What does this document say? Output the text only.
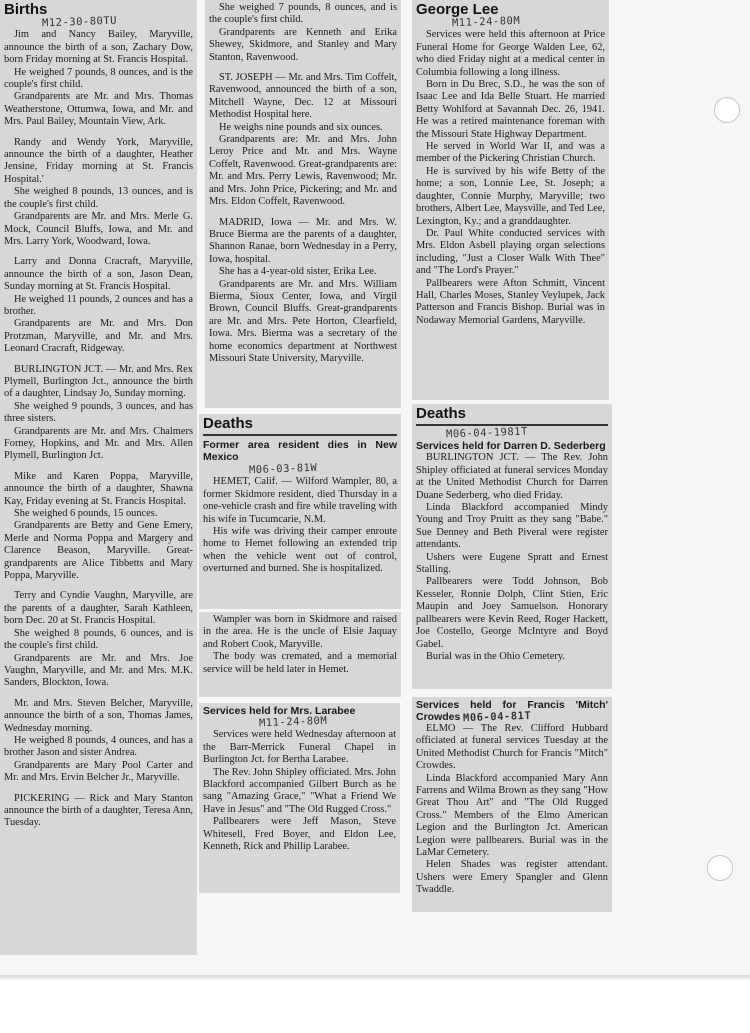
Births
M12-30-80TU

Jim and Nancy Bailey, Maryville, announce the birth of a son, Zachary Dow, born Friday morning at St. Francis Hospital.

He weighed 7 pounds, 8 ounces, and is the couple's first child.

Grandparents are Mr. and Mrs. Thomas Weatherstone, Ottumwa, Iowa, and Mr. and Mrs. Paul Bailey, Mountain View, Ark.

Randy and Wendy York, Maryville, announce the birth of a daughter, Heather Jensine, Friday morning at St. Francis Hospital.'

She weighed 8 pounds, 13 ounces, and is the couple's first child.

Grandparents are Mr. and Mrs. Merle G. Mock, Council Bluffs, Iowa, and Mr. and Mrs. Larry York, Woodward, Iowa.

Larry and Donna Cracraft, Maryville, announce the birth of a son, Jason Dean, Sunday morning at St. Francis Hospital.

He weighed 11 pounds, 2 ounces and has a brother.

Grandparents are Mr. and Mrs. Don Protzman, Maryville, and Mr. and Mrs. Leonard Cracraft, Ridgeway.

BURLINGTON JCT. — Mr. and Mrs. Rex Plymell, Burlington Jct., announce the birth of a daughter, Lindsay Jo, Sunday morning.

She weighed 9 pounds, 3 ounces, and has three sisters.

Grandparents are Mr. and Mrs. Chalmers Forney, Hopkins, and Mr. and Mrs. Allen Plymell, Burlington Jct.

Mike and Karen Poppa, Maryville, announce the birth of a daughter, Shawna Kay, Friday evening at St. Francis Hospital.

She weighed 6 pounds, 15 ounces.

Grandparents are Betty and Gene Emery, Merle and Norma Poppa and Margery and Clarence Beason, Maryville. Great-grandparents are Alice Tibbetts and Mary Poppa, Maryville.

Terry and Cyndie Vaughn, Maryville, are the parents of a daughter, Sarah Kathleen, born Dec. 20 at St. Francis Hospital.

She weighed 8 pounds, 6 ounces, and is the couple's first child.

Grandparents are Mr. and Mrs. Joe Vaughn, Maryville, and Mr. and Mrs. M.K. Sanders, Blockton, Iowa.

Mr. and Mrs. Steven Belcher, Maryville, announce the birth of a son, Thomas James, Wednesday morning.

He weighed 8 pounds, 4 ounces, and has a brother Jason and sister Andrea.

Grandparents are Mary Pool Carter and Mr. and Mrs. Ervin Belcher Jr., Maryville.

PICKERING — Rick and Mary Stanton announce the birth of a daughter, Teresa Ann, Tuesday.

She weighed 7 pounds, 8 ounces, and is the couple's first child.

Grandparents are Kenneth and Erika Shewey, Skidmore, and Stanley and Mary Stanton, Ravenwood.

ST. JOSEPH — Mr. and Mrs. Tim Coffelt, Ravenwood, announced the birth of a son, Mitchell Wayne, Dec. 12 at Missouri Methodist Hospital here.

He weighs nine pounds and six ounces.

Grandparents are: Mr. and Mrs. John Leroy Price and Mr. and Mrs. Wayne Coffelt, Ravenwood. Great-grandparents are: Mr. and Mrs. Perry Lewis, Ravenwood; Mr. and Mrs. John Price, Pickering; and Mr. and Mrs. Eldon Coffelt, Ravenwood.

MADRID, Iowa — Mr. and Mrs. W. Bruce Bierma are the parents of a daughter, Shannon Ranae, born Wednesday in a Perry, Iowa, hospital.

She has a 4-year-old sister, Erika Lee.

Grandparents are Mr. and Mrs. William Bierma, Sioux Center, Iowa, and Virgil Brown, Council Bluffs. Great-grandparents are Mr. and Mrs. Pete Horton, Clearfield, Iowa. Mrs. Bierma was a secretary of the home economics department at Northwest Missouri State University, Maryville.

Deaths
Former area resident dies in New Mexico
M06-03-81W

HEMET, Calif. — Wilford Wampler, 80, a former Skidmore resident, died Thursday in a one-vehicle crash and fire while traveling with his wife in Tucumcarie, N.M.

His wife was driving their camper enroute home to Hemet following an extended trip when the vehicle went out of control, overturned and burned. She is hospitalized.

Wampler was born in Skidmore and raised in the area. He is the uncle of Elsie Jaquay and Robert Cook, Maryville.

The body was cremated, and a memorial service will be held later in Hemet.

Services held for Mrs. Larabee
M11-24-80M

Services were held Wednesday afternoon at the Barr-Merrick Funeral Chapel in Burlington Jct. for Bertha Larabee.

The Rev. John Shipley officiated. Mrs. John Blackford accompanied Gilbert Burch as he sang "Amazing Grace," "What a Friend We Have in Jesus" and "The Old Rugged Cross."

Pallbearers were Jeff Mason, Steve Whitesell, Fred Boyer, and Eldon Lee, Kenneth, Rick and Phillip Larabee.

George Lee
M11-24-80M

Services were held this afternoon at Price Funeral Home for George Walden Lee, 62, who died Friday night at a medical center in Columbia following a long illness.

Born in Du Brec, S.D., he was the son of Isaac Lee and Ida Belle Stuart. He married Betty Wohlford at Savannah Dec. 26, 1941. He was a retired maintenance foreman with the Missouri State Highway Department.

He served in World War II, and was a member of the Pickering Christian Church.

He is survived by his wife Betty of the home; a son, Lonnie Lee, St. Joseph; a daughter, Connie Murphy, Maryville; two brothers, Albert Lee, Maysville, and Ted Lee, Lexington, Ky.; and a granddaughter.

Dr. Paul White conducted services with Mrs. Eldon Asbell playing organ selections including, "Just a Closer Walk With Thee" and "The Lord's Prayer."

Pallbearers were Afton Schmitt, Vincent Hall, Charles Moses, Stanley Veylupek, Jack Patterson and Francis Bishop. Burial was in Nodaway Memorial Gardens, Maryville.

Deaths
M06-04-1981T
Services held for Darren D. Sederberg

BURLINGTON JCT. — The Rev. John Shipley officiated at funeral services Monday at the United Methodist Church for Darren Duane Sederberg, who died Friday.

Linda Blackford accompanied Mindy Young and Troy Pruitt as they sang "Babe." Sue Denney and Beth Piveral were register attendants.

Ushers were Eugene Spratt and Ernest Stalling.

Pallbearers were Todd Johnson, Bob Kesseler, Ronnie Dolph, Clint Stien, Eric Maupin and Joey Samuelson. Honorary pallbearers were Kevin Reed, Roger Hackett, Joe Costello, George McIntyre and Boyd Gabel.

Burial was in the Ohio Cemetery.

Services held for Francis 'Mitch' Crowdes M06-04-81T

ELMO — The Rev. Clifford Hubbard officiated at funeral services Tuesday at the United Methodist Church for Francis "Mitch" Crowdes.

Linda Blackford accompanied Mary Ann Farrens and Wilma Brown as they sang "How Great Thou Art" and "The Old Rugged Cross." Members of the Elmo American Legion and the Burlington Jct. American Legion were pallbearers. Burial was in the LaMar Cemetery.

Helen Shades was register attendant. Ushers were Emery Spangler and Glenn Twaddle.
